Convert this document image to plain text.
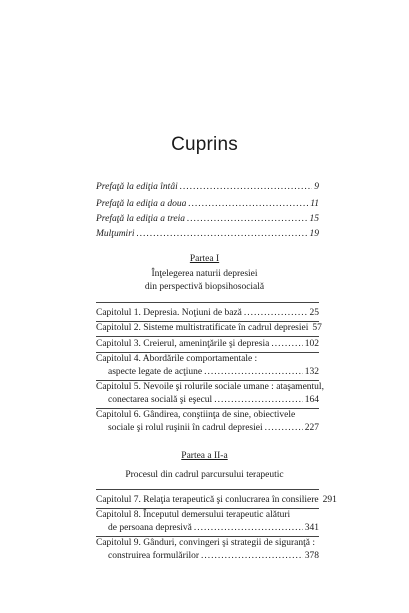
Cuprins
Prefaţă la ediţia întâi .....	9
Prefaţă la ediţia a doua .....	11
Prefaţă la ediţia a treia .....	15
Mulţumiri .....	19
Partea I
Înţelegerea naturii depresiei
din perspectivă biopsihosocială
Capitolul 1. Depresia. Noţiuni de bază .....	25
Capitolul 2. Sisteme multistratificate în cadrul depresiei 57
Capitolul 3. Creierul, ameninţările şi depresia .....	102
Capitolul 4. Abordările comportamentale :
aspecte legate de acţiune .....	132
Capitolul 5. Nevoile şi rolurile sociale umane : ataşamentul,
conectarea socială şi eşecul .....	164
Capitolul 6. Gândirea, conştiinţa de sine, obiectivele
sociale şi rolul ruşinii în cadrul depresiei .....	227
Partea a II-a
Procesul din cadrul parcursului terapeutic
Capitolul 7. Relaţia terapeutică şi conlucrarea în consiliere 291
Capitolul 8. Începutul demersului terapeutic alături
de persoana depresivă .....	341
Capitolul 9. Gânduri, convingeri şi strategii de siguranţă :
construirea formulărilor .....	378
